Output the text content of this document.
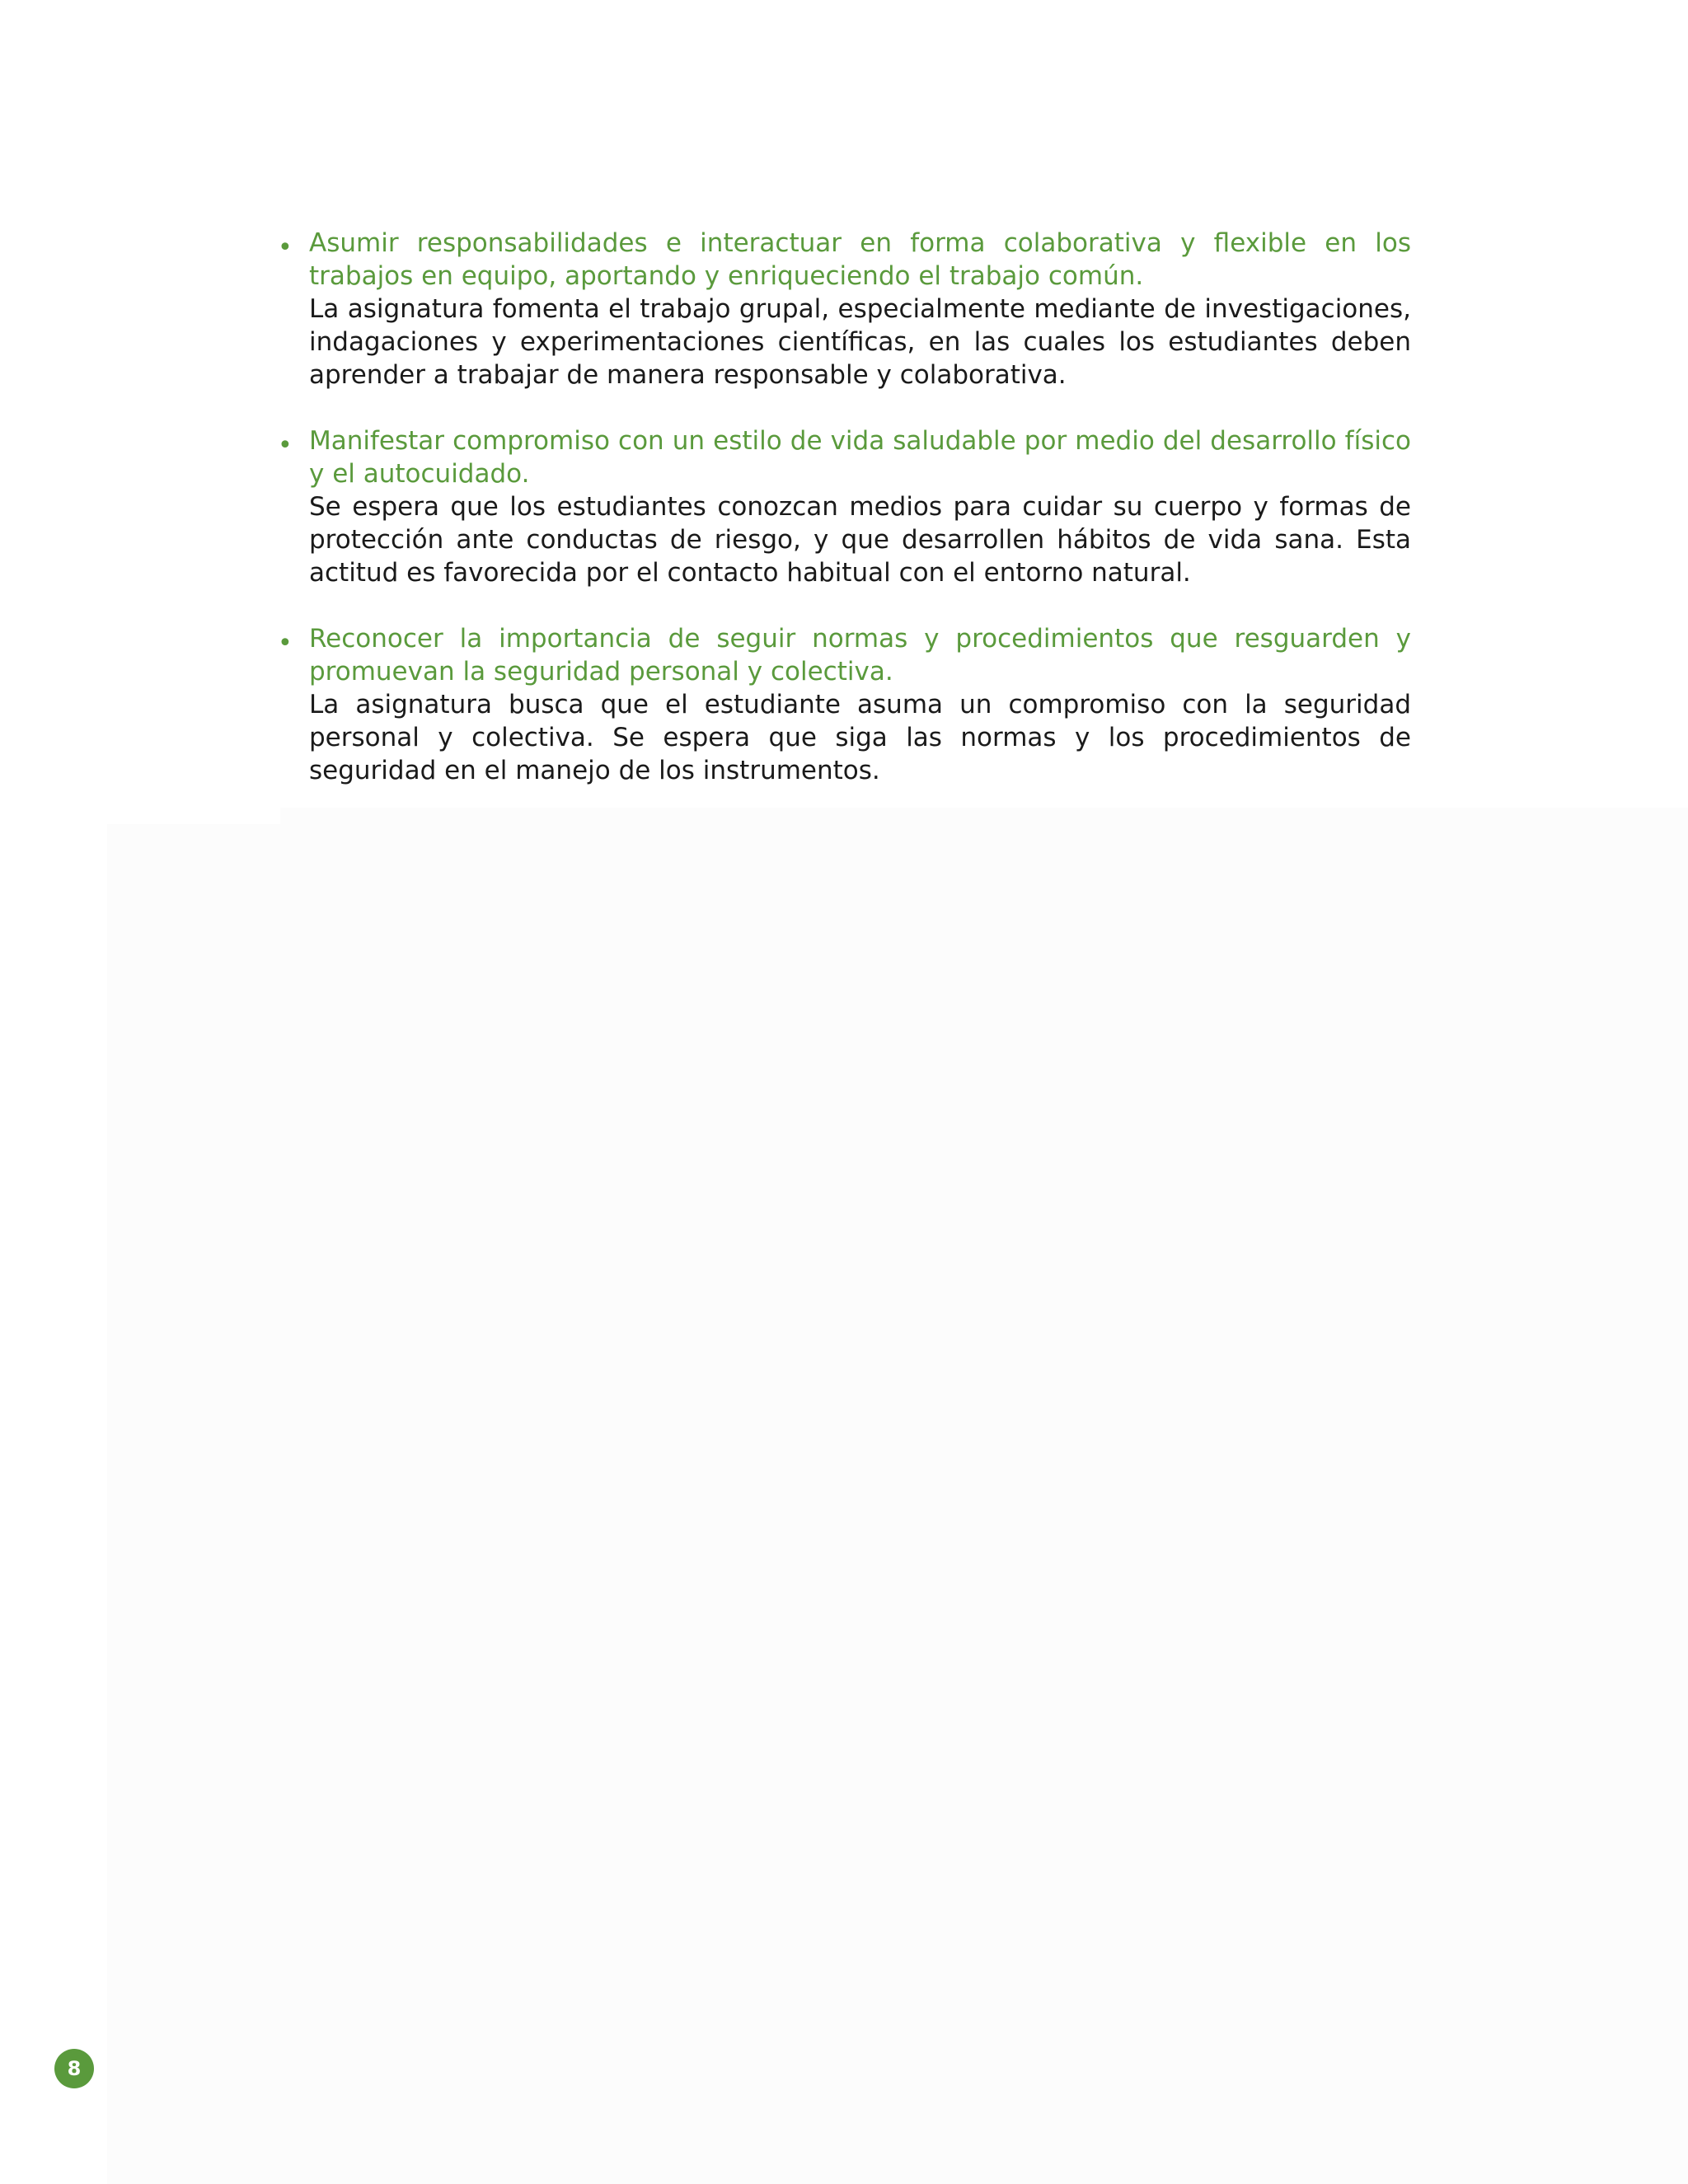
• Asumir responsabilidades e interactuar en forma colaborativa y flexible en los trabajos en equipo, aportando y enriqueciendo el trabajo común.
La asignatura fomenta el trabajo grupal, especialmente mediante de investigaciones, indagaciones y experimentaciones científicas, en las cuales los estudiantes deben aprender a trabajar de manera responsable y colaborativa.
• Manifestar compromiso con un estilo de vida saludable por medio del desarrollo físico y el autocuidado.
Se espera que los estudiantes conozcan medios para cuidar su cuerpo y formas de protección ante conductas de riesgo, y que desarrollen hábitos de vida sana. Esta actitud es favorecida por el contacto habitual con el entorno natural.
• Reconocer la importancia de seguir normas y procedimientos que resguarden y promuevan la seguridad personal y colectiva.
La asignatura busca que el estudiante asuma un compromiso con la seguridad personal y colectiva. Se espera que siga las normas y los procedimientos de seguridad en el manejo de los instrumentos.
8
